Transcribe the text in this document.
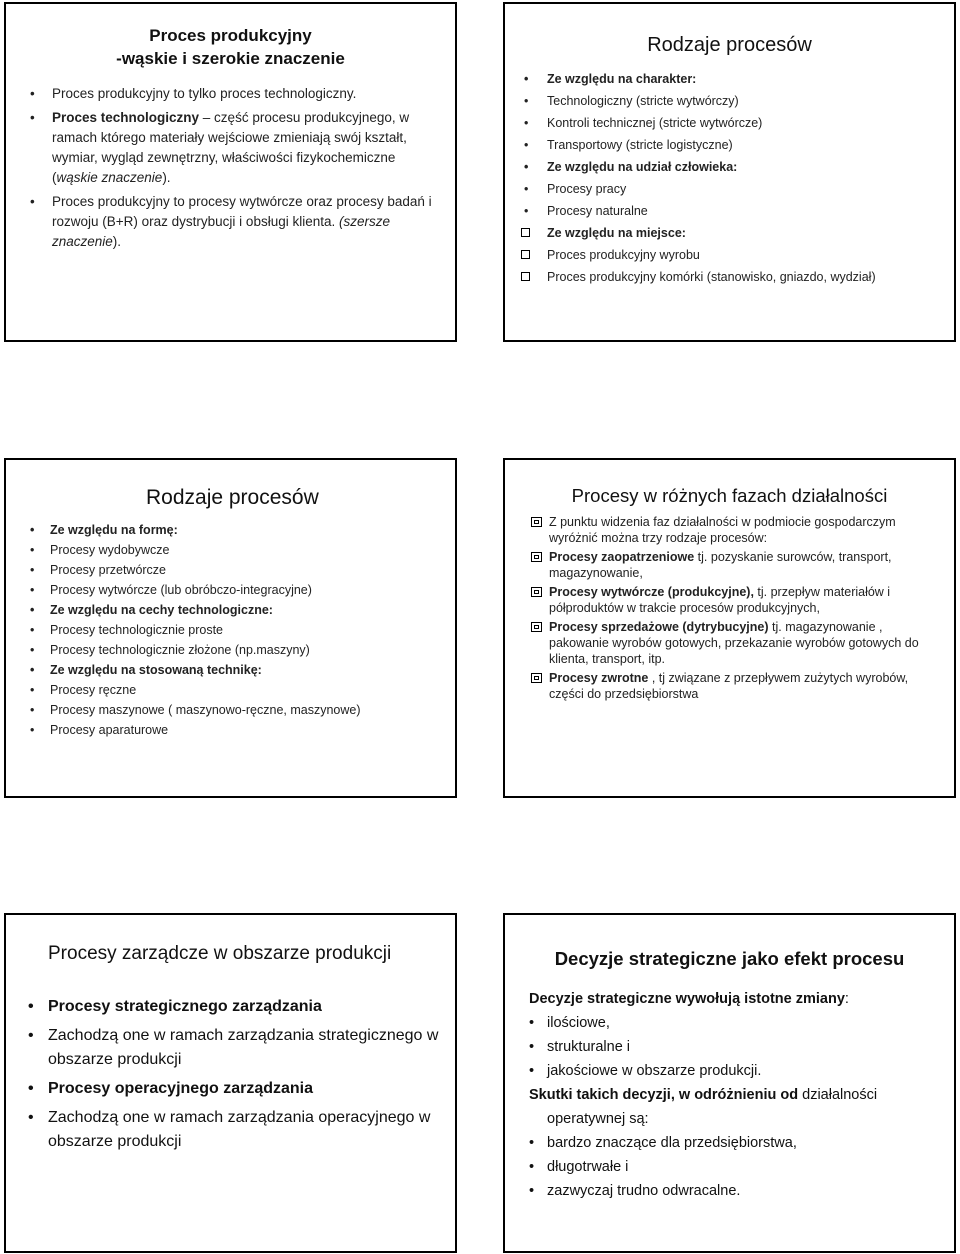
Proces produkcyjny
-wąskie i szerokie znaczenie
• Proces produkcyjny to tylko proces technologiczny.
• Proces technologiczny – część procesu produkcyjnego, w ramach którego materiały wejściowe zmieniają swój kształt, wymiar, wygląd zewnętrzny, właściwości fizykochemiczne (wąskie znaczenie).
• Proces produkcyjny to procesy wytwórcze oraz procesy badań i rozwoju (B+R) oraz dystrybucji i obsługi klienta. (szersze znaczenie).
Rodzaje procesów
• Ze względu na charakter:
• Technologiczny (stricte wytwórczy)
• Kontroli technicznej (stricte wytwórcze)
• Transportowy (stricte logistyczne)
• Ze względu na udział człowieka:
• Procesy pracy
• Procesy naturalne
Ze względu na miejsce:
Proces produkcyjny wyrobu
Proces produkcyjny komórki (stanowisko, gniazdo, wydział)
Rodzaje procesów
• Ze względu na formę:
• Procesy wydobywcze
• Procesy przetwórcze
• Procesy wytwórcze (lub obróbczo-integracyjne)
• Ze względu na cechy technologiczne:
• Procesy technologicznie proste
• Procesy technologicznie złożone (np.maszyny)
• Ze względu na stosowaną technikę:
• Procesy ręczne
• Procesy maszynowe ( maszynowo-ręczne, maszynowe)
• Procesy aparaturowe
Procesy w różnych fazach działalności
Z punktu widzenia faz działalności w podmiocie gospodarczym wyróżnić można trzy rodzaje procesów:
Procesy zaopatrzeniowe tj. pozyskanie surowców, transport, magazynowanie,
Procesy wytwórcze (produkcyjne), tj. przepływ materiałów i półproduktów w trakcie procesów produkcyjnych,
Procesy sprzedażowe (dytrybucyjne) tj. magazynowanie , pakowanie wyrobów gotowych, przekazanie wyrobów gotowych do klienta, transport, itp.
Procesy zwrotne , tj związane z przepływem zużytych wyrobów, części do przedsiębiorstwa
Procesy zarządcze w obszarze produkcji
• Procesy strategicznego zarządzania
• Zachodzą one w ramach zarządzania strategicznego w obszarze produkcji
• Procesy operacyjnego zarządzania
• Zachodzą one w ramach zarządzania operacyjnego w obszarze produkcji
Decyzje strategiczne jako efekt procesu
Decyzje strategiczne wywołują istotne zmiany:
• ilościowe,
• strukturalne i
• jakościowe w obszarze produkcji.
Skutki takich decyzji, w odróżnieniu od działalności
operatywnej są:
• bardzo znaczące dla przedsiębiorstwa,
• długotrwałe i
• zazwyczaj trudno odwracalne.
